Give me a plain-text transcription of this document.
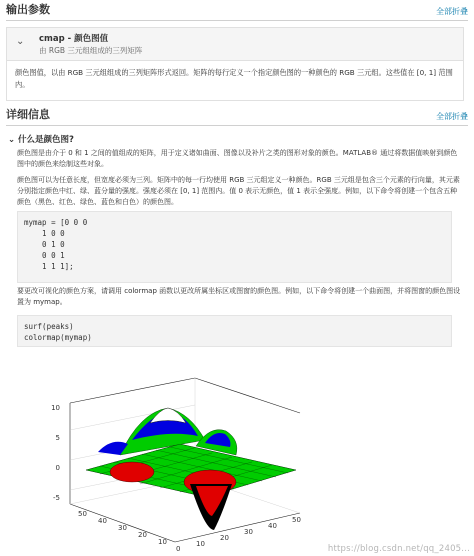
输出参数	全部折叠
⌄ cmap - 颜色图值
由 RGB 三元组组成的三列矩阵
颜色图值，以由 RGB 三元组组成的三列矩阵形式返回。矩阵的每行定义一个指定颜色图的一种颜色的 RGB 三元组。这些值在 [0, 1] 范围内。
详细信息	全部折叠
⌄ 什么是颜色图?
颜色图是由介于 0 和 1 之间的值组成的矩阵，用于定义诸如曲面、图像以及补片之类的图形对象的颜色。MATLAB® 通过将数据值映射到颜色图中的颜色来绘制这些对象。
颜色图可以为任意长度，但宽度必须为三列。矩阵中的每一行均使用 RGB 三元组定义一种颜色。RGB 三元组是包含三个元素的行向量，其元素分别指定颜色中红、绿、蓝分量的强度。强度必须在 [0, 1] 范围内。值 0 表示无颜色，值 1 表示全强度。例如，以下命令将创建一个包含五种颜色（黑色、红色、绿色、蓝色和白色）的颜色图。
mymap = [0 0 0
1 0 0
0 1 0
0 0 1
1 1 1];
要更改可视化的颜色方案，请调用 colormap 函数以更改所属坐标区或图窗的颜色图。例如，以下命令将创建一个曲面图，并将图窗的颜色图设置为 mymap。
surf(peaks)
colormap(mymap)
10
5
0
-5
50
40
30
20
10
0
10
20
30
40
50
https://blog.csdn.net/qq_2405...
